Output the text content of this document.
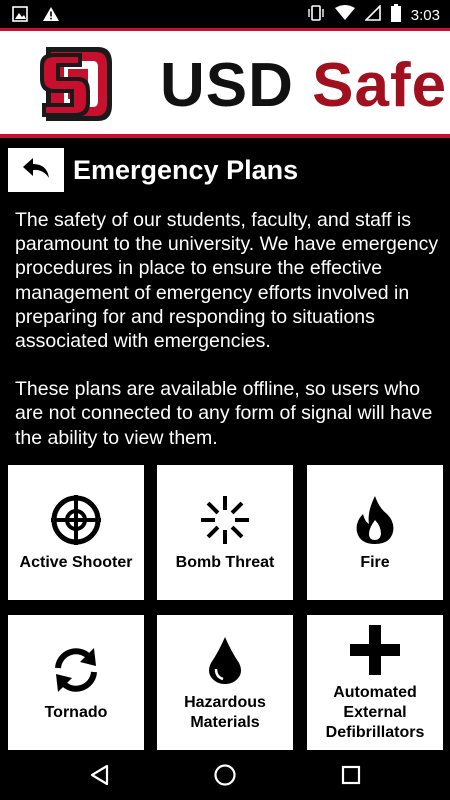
3:03
USD Safe
Emergency Plans

The safety of our students, faculty, and staff is paramount to the university. We have emergency procedures in place to ensure the effective management of emergency efforts involved in preparing for and responding to situations associated with emergencies.

These plans are available offline, so users who are not connected to any form of signal will have the ability to view them.

Active Shooter	Bomb Threat	Fire
Tornado
Hazardous Materials
Automated External Defibrillators
